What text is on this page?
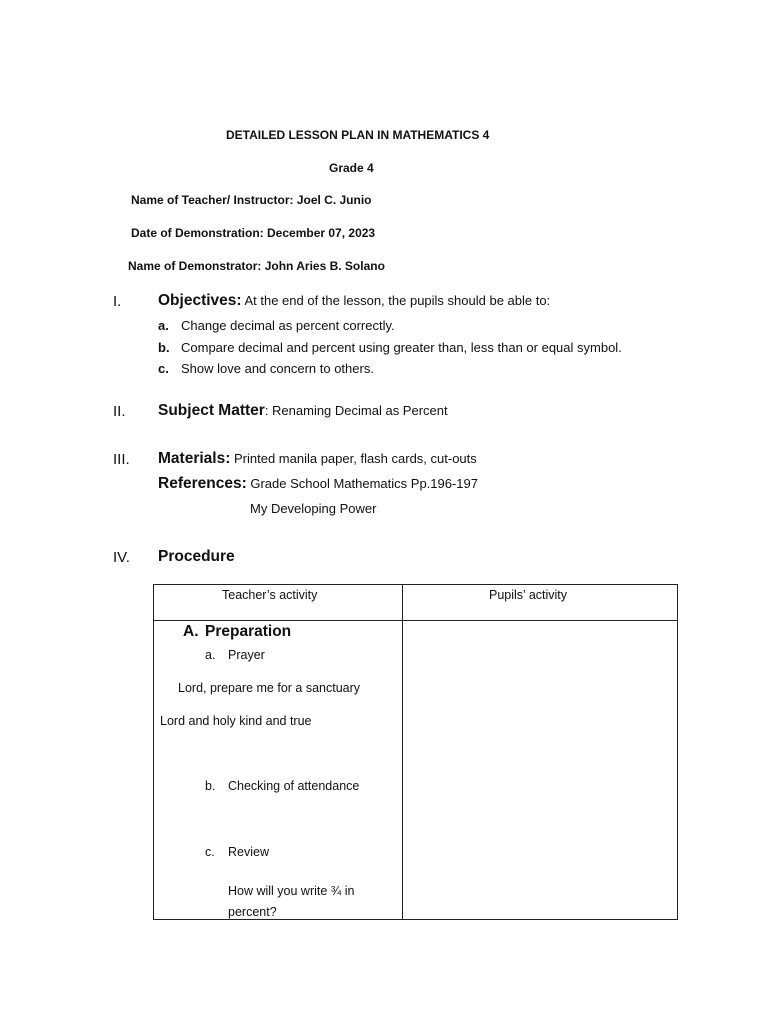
DETAILED LESSON PLAN IN MATHEMATICS 4
Grade 4
Name of Teacher/ Instructor: Joel C. Junio
Date of Demonstration: December 07, 2023
Name of Demonstrator: John Aries B. Solano
I. Objectives: At the end of the lesson, the pupils should be able to:
a. Change decimal as percent correctly.
b. Compare decimal and percent using greater than, less than or equal symbol.
c. Show love and concern to others.
II. Subject Matter: Renaming Decimal as Percent
III. Materials: Printed manila paper, flash cards, cut-outs
References: Grade School Mathematics Pp.196-197
My Developing Power
IV. Procedure
Teacher’s activity	Pupils’ activity
A. Preparation
a. Prayer
Lord, prepare me for a sanctuary
Lord and holy kind and true
b. Checking of attendance
c. Review
How will you write ¾ in
percent?
